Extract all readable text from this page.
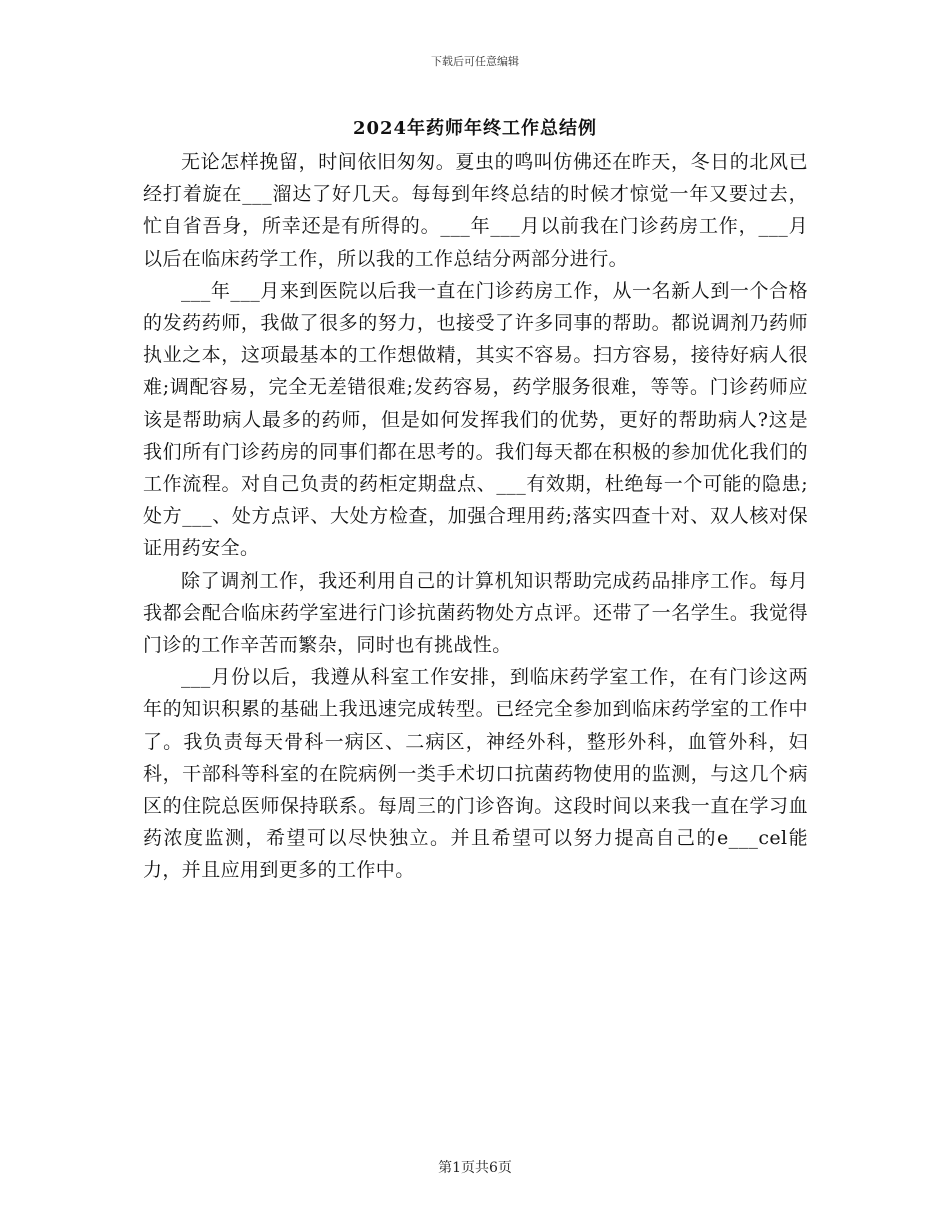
下载后可任意编辑
2024年药师年终工作总结例

无论怎样挽留，时间依旧匆匆。夏虫的鸣叫仿佛还在昨天，冬日的北风已经打着旋在___溜达了好几天。每每到年终总结的时候才惊觉一年又要过去，忙自省吾身，所幸还是有所得的。___年___月以前我在门诊药房工作，___月以后在临床药学工作，所以我的工作总结分两部分进行。

___年___月来到医院以后我一直在门诊药房工作，从一名新人到一个合格的发药药师，我做了很多的努力，也接受了许多同事的帮助。都说调剂乃药师执业之本，这项最基本的工作想做精，其实不容易。扫方容易，接待好病人很难;调配容易，完全无差错很难;发药容易，药学服务很难，等等。门诊药师应该是帮助病人最多的药师，但是如何发挥我们的优势，更好的帮助病人?这是我们所有门诊药房的同事们都在思考的。我们每天都在积极的参加优化我们的工作流程。对自己负责的药柜定期盘点、___有效期，杜绝每一个可能的隐患;处方___、处方点评、大处方检查，加强合理用药;落实四查十对、双人核对保证用药安全。

除了调剂工作，我还利用自己的计算机知识帮助完成药品排序工作。每月我都会配合临床药学室进行门诊抗菌药物处方点评。还带了一名学生。我觉得门诊的工作辛苦而繁杂，同时也有挑战性。

___月份以后，我遵从科室工作安排，到临床药学室工作，在有门诊这两年的知识积累的基础上我迅速完成转型。已经完全参加到临床药学室的工作中了。我负责每天骨科一病区、二病区，神经外科，整形外科，血管外科，妇科，干部科等科室的在院病例一类手术切口抗菌药物使用的监测，与这几个病区的住院总医师保持联系。每周三的门诊咨询。这段时间以来我一直在学习血药浓度监测，希望可以尽快独立。并且希望可以努力提高自己的e___cel能力，并且应用到更多的工作中。

第1页共6页
